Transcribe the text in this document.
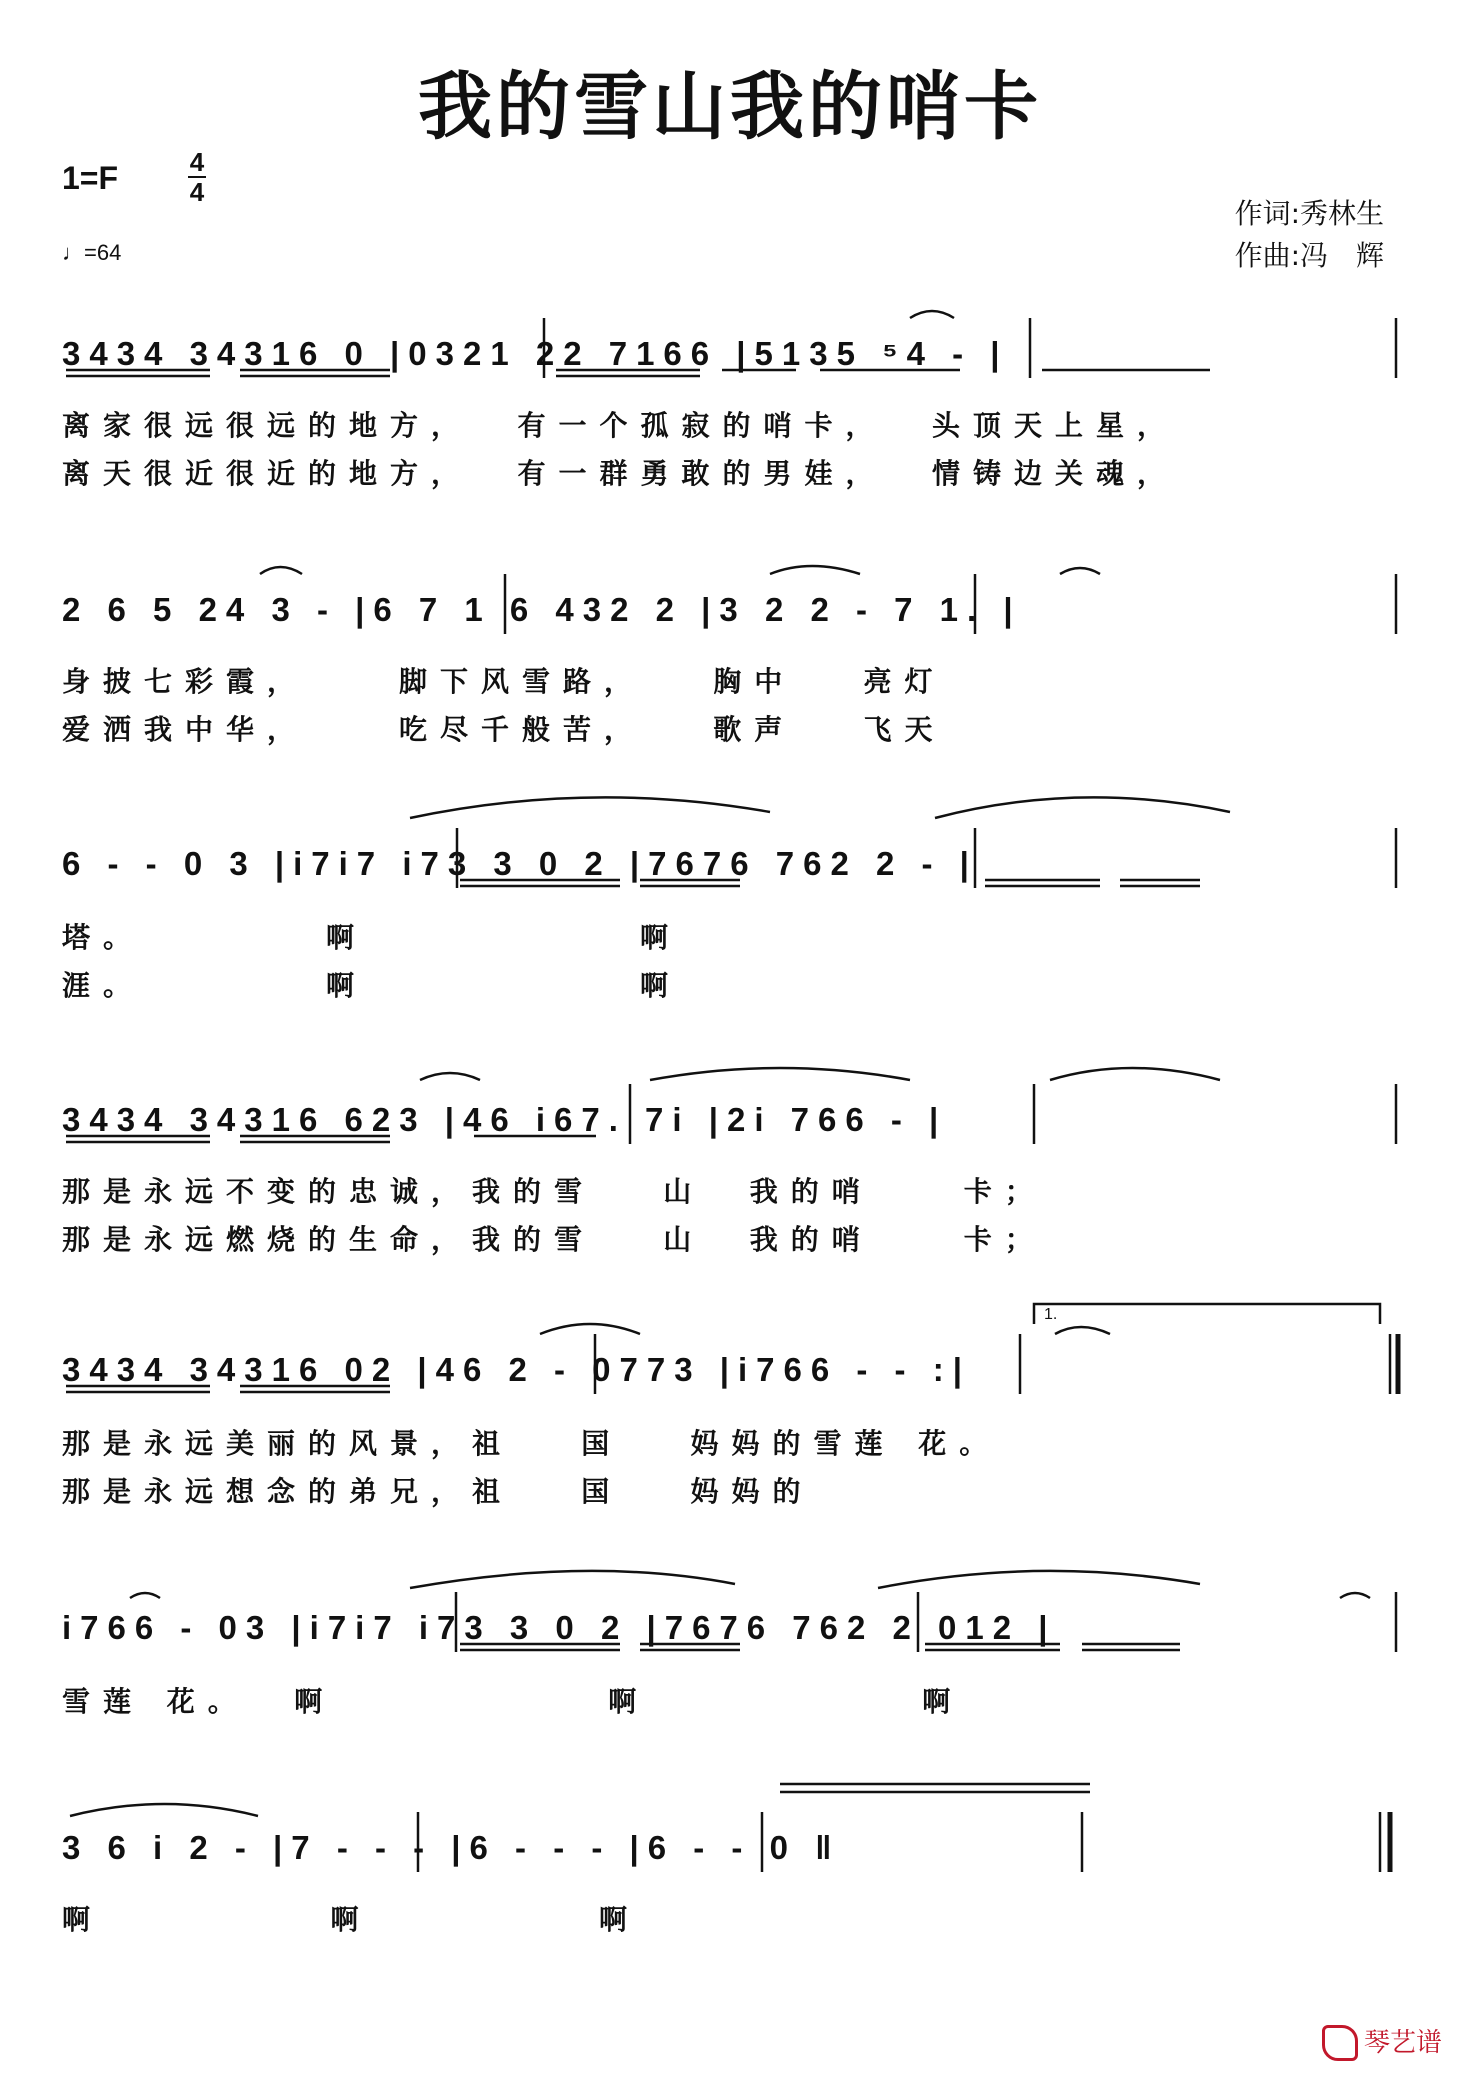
我的雪山我的哨卡
1=F	4
4
♩=64
作词:秀林生
作曲:冯　辉
3434 34316 0 |0321 22 7166 |5135 ⁵4 - |
离家很远很远的地方，  有一个孤寂的哨卡，  头顶天上星，
离天很近很近的地方，  有一群勇敢的男娃，  情铸边关魂，
2 6 5 24 3 - |6 7 1 6 432 2 |3 2 2 - 7 1. |
身披七彩霞，    脚下风雪路，   胸中   亮灯
爱洒我中华，    吃尽千般苦，   歌声   飞天
6 - - 0 3 |i7i7 i73 3 0 2 |7676 762 2 - |
塔。        啊            啊
涯。        啊            啊
3434 34316 623 |46 i67. 7i |2i 766 - |
那是永远不变的忠诚，我的雪   山  我的哨    卡；
那是永远燃烧的生命，我的雪   山  我的哨    卡；
1.
3434 34316 02 |46 2 - 0773 |i766 - - :|
那是永远美丽的风景，祖   国   妈妈的雪莲 花。
那是永远想念的弟兄，祖   国   妈妈的
i766 - 03 |i7i7 i73 3 0 2 |7676 762 2 012 |
雪莲 花。  啊            啊            啊
3 6 i 2 - |7 - - - |6 - - - |6 - - 0 ‖
啊          啊          啊
琴艺谱
